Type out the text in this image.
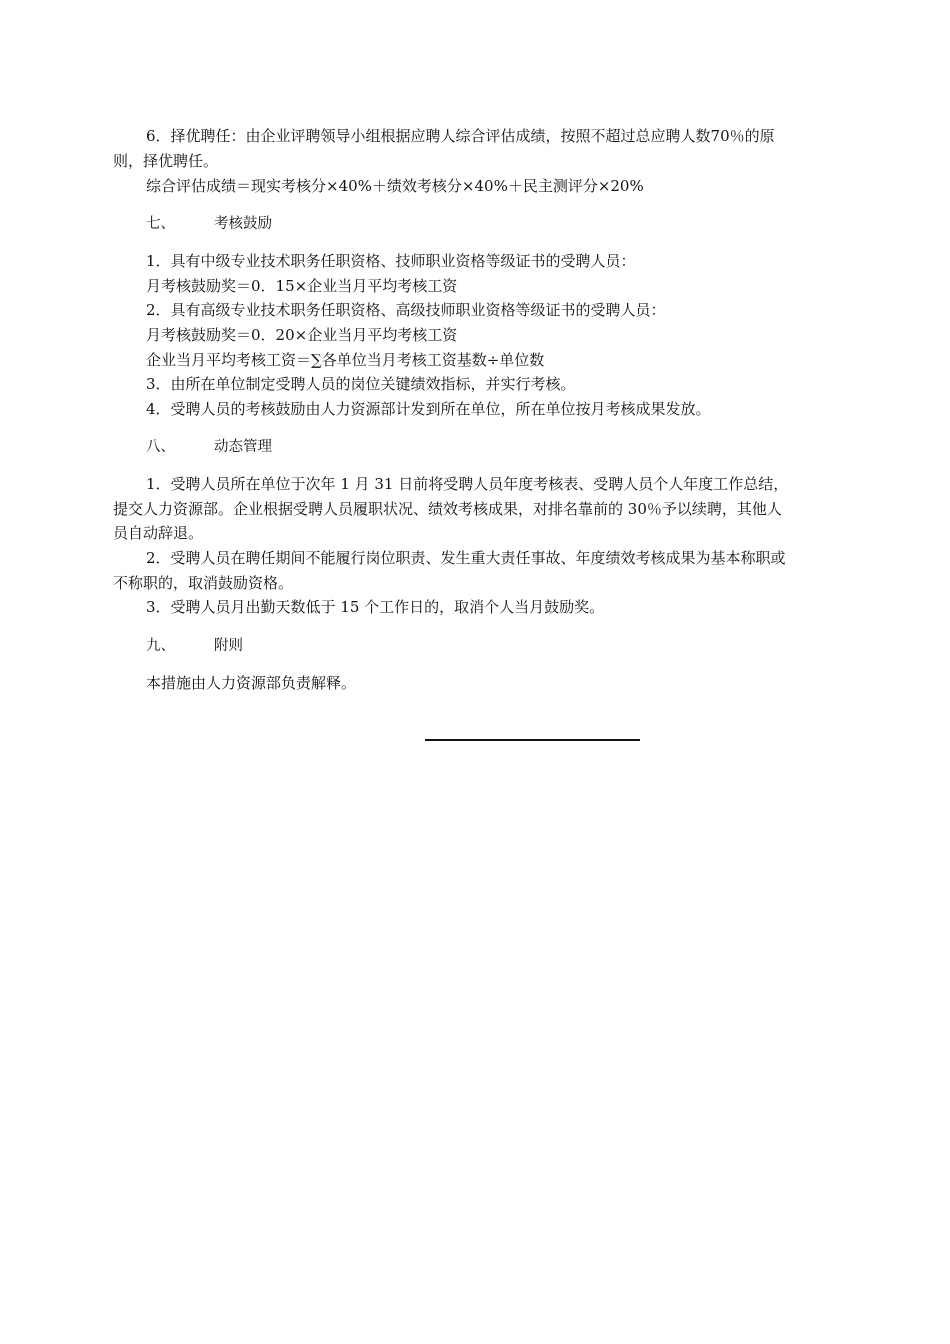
6．择优聘任：由企业评聘领导小组根据应聘人综合评估成绩，按照不超过总应聘人数70％的原
则，择优聘任。
综合评估成绩＝现实考核分×40%＋绩效考核分×40%＋民主测评分×20%
七、	考核鼓励
1．具有中级专业技术职务任职资格、技师职业资格等级证书的受聘人员：
月考核鼓励奖＝0．15×企业当月平均考核工资
2．具有高级专业技术职务任职资格、高级技师职业资格等级证书的受聘人员：
月考核鼓励奖＝0．20×企业当月平均考核工资
企业当月平均考核工资＝∑各单位当月考核工资基数÷单位数
3．由所在单位制定受聘人员的岗位关键绩效指标，并实行考核。
4．受聘人员的考核鼓励由人力资源部计发到所在单位，所在单位按月考核成果发放。
八、	动态管理
1．受聘人员所在单位于次年 1 月 31 日前将受聘人员年度考核表、受聘人员个人年度工作总结，
提交人力资源部。企业根据受聘人员履职状况、绩效考核成果，对排名靠前的 30％予以续聘，其他人
员自动辞退。
2．受聘人员在聘任期间不能履行岗位职责、发生重大责任事故、年度绩效考核成果为基本称职或
不称职的，取消鼓励资格。
3．受聘人员月出勤天数低于 15 个工作日的，取消个人当月鼓励奖。
九、	附则
本措施由人力资源部负责解释。
